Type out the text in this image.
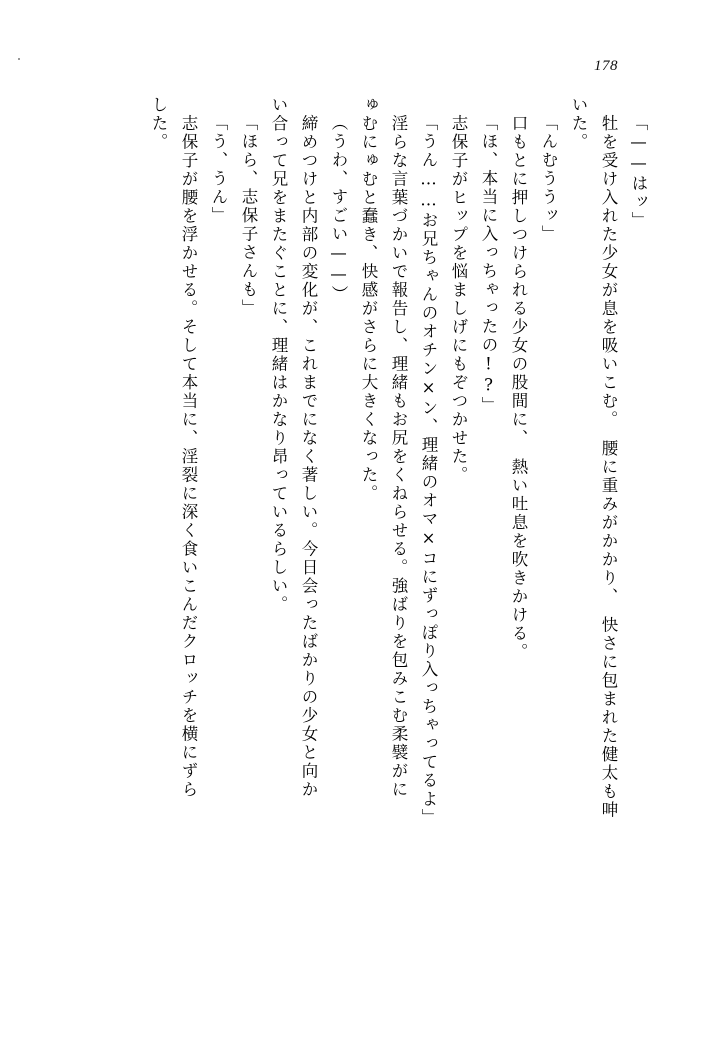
178
「——はッ」
　牡を受け入れた少女が息を吸いこむ。　腰に重みがかかり、　快さに包まれた健太も呻
いた。
「んむううッ」
　口もとに押しつけられる少女の股間に、　熱い吐息を吹きかける。
「ほ、本当に入っちゃったの!?」
　志保子がヒップを悩ましげにもぞつかせた。
「うん……お兄ちゃんのオチン×ン、理緒のオマ×コにずっぽり入っちゃってるよ」
　淫らな言葉づかいで報告し、理緒もお尻をくねらせる。強ばりを包みこむ柔襞がに
ゅむにゅむと蠢き、快感がさらに大きくなった。
（うわ、すごい——）
　締めつけと内部の変化が、これまでになく著しい。今日会ったばかりの少女と向か
い合って兄をまたぐことに、理緒はかなり昂っているらしい。
「ほら、志保子さんも」
「う、うん」
　志保子が腰を浮かせる。そして本当に、淫裂に深く食いこんだクロッチを横にずら
した。
